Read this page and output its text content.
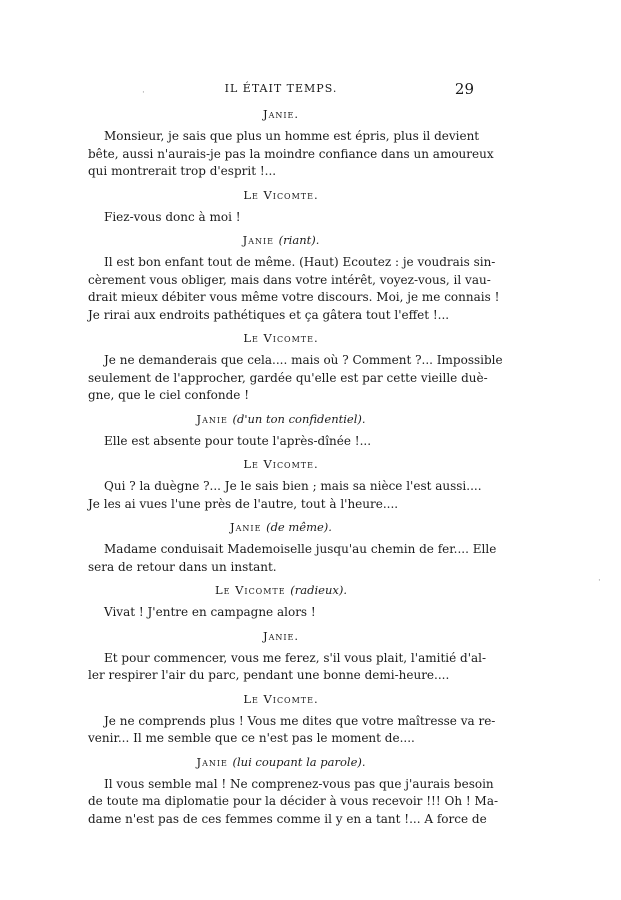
IL ÉTAIT TEMPS.	29
Janie.
Monsieur, je sais que plus un homme est épris, plus il devient
bête, aussi n'aurais-je pas la moindre confiance dans un amoureux
qui montrerait trop d'esprit !...
Le Vicomte.
Fiez-vous donc à moi !
Janie (riant).
Il est bon enfant tout de même. (Haut) Ecoutez : je voudrais sin-
cèrement vous obliger, mais dans votre intérêt, voyez-vous, il vau-
drait mieux débiter vous même votre discours. Moi, je me connais !
Je rirai aux endroits pathétiques et ça gâtera tout l'effet !...
Le Vicomte.
Je ne demanderais que cela.... mais où ? Comment ?... Impossible
seulement de l'approcher, gardée qu'elle est par cette vieille duè-
gne, que le ciel confonde !
Janie (d'un ton confidentiel).
Elle est absente pour toute l'après-dînée !...
Le Vicomte.
Qui ? la duègne ?... Je le sais bien ; mais sa nièce l'est aussi....
Je les ai vues l'une près de l'autre, tout à l'heure....
Janie (de même).
Madame conduisait Mademoiselle jusqu'au chemin de fer.... Elle
sera de retour dans un instant.
Le Vicomte (radieux).
Vivat ! J'entre en campagne alors !
Janie.
Et pour commencer, vous me ferez, s'il vous plait, l'amitié d'al-
ler respirer l'air du parc, pendant une bonne demi-heure....
Le Vicomte.
Je ne comprends plus ! Vous me dites que votre maîtresse va re-
venir... Il me semble que ce n'est pas le moment de....
Janie (lui coupant la parole).
Il vous semble mal ! Ne comprenez-vous pas que j'aurais besoin
de toute ma diplomatie pour la décider à vous recevoir !!! Oh ! Ma-
dame n'est pas de ces femmes comme il y en a tant !... A force de
·
·
